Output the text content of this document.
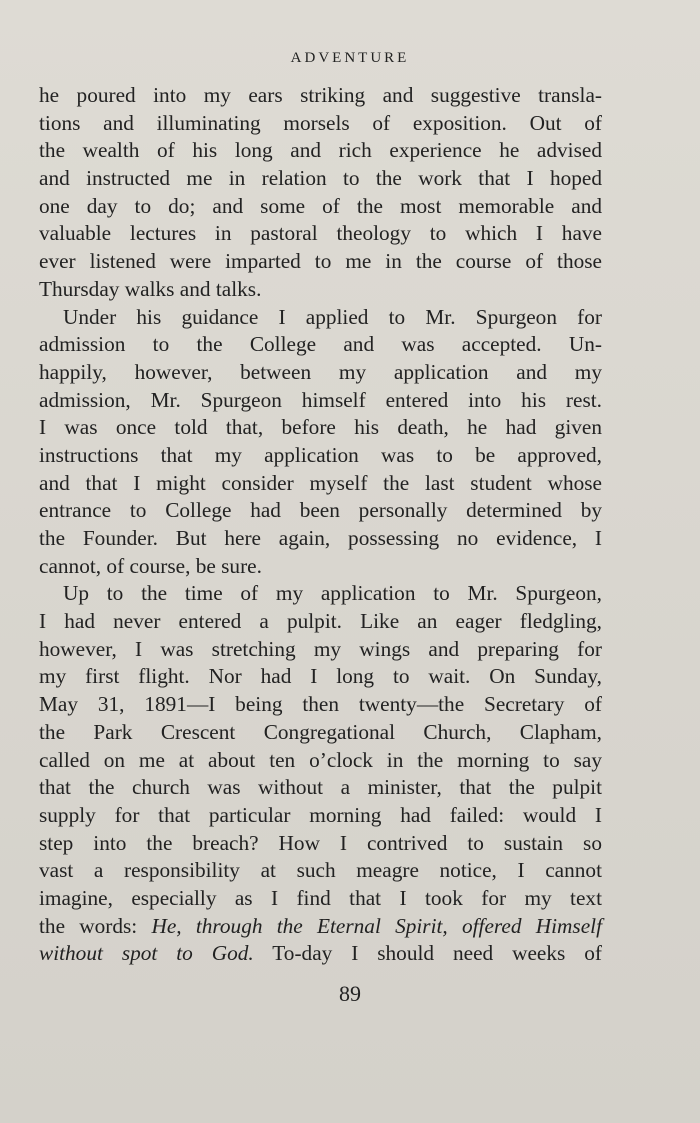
ADVENTURE
he poured into my ears striking and suggestive transla-
tions and illuminating morsels of exposition. Out of
the wealth of his long and rich experience he advised
and instructed me in relation to the work that I hoped
one day to do; and some of the most memorable and
valuable lectures in pastoral theology to which I have
ever listened were imparted to me in the course of those
Thursday walks and talks.
Under his guidance I applied to Mr. Spurgeon for
admission to the College and was accepted. Un-
happily, however, between my application and my
admission, Mr. Spurgeon himself entered into his rest.
I was once told that, before his death, he had given
instructions that my application was to be approved,
and that I might consider myself the last student whose
entrance to College had been personally determined by
the Founder. But here again, possessing no evidence, I
cannot, of course, be sure.
Up to the time of my application to Mr. Spurgeon,
I had never entered a pulpit. Like an eager fledgling,
however, I was stretching my wings and preparing for
my first flight. Nor had I long to wait. On Sunday,
May 31, 1891—I being then twenty—the Secretary of
the Park Crescent Congregational Church, Clapham,
called on me at about ten o’clock in the morning to say
that the church was without a minister, that the pulpit
supply for that particular morning had failed: would I
step into the breach? How I contrived to sustain so
vast a responsibility at such meagre notice, I cannot
imagine, especially as I find that I took for my text
the words: He, through the Eternal Spirit, offered Himself
without spot to God. To-day I should need weeks of
89
